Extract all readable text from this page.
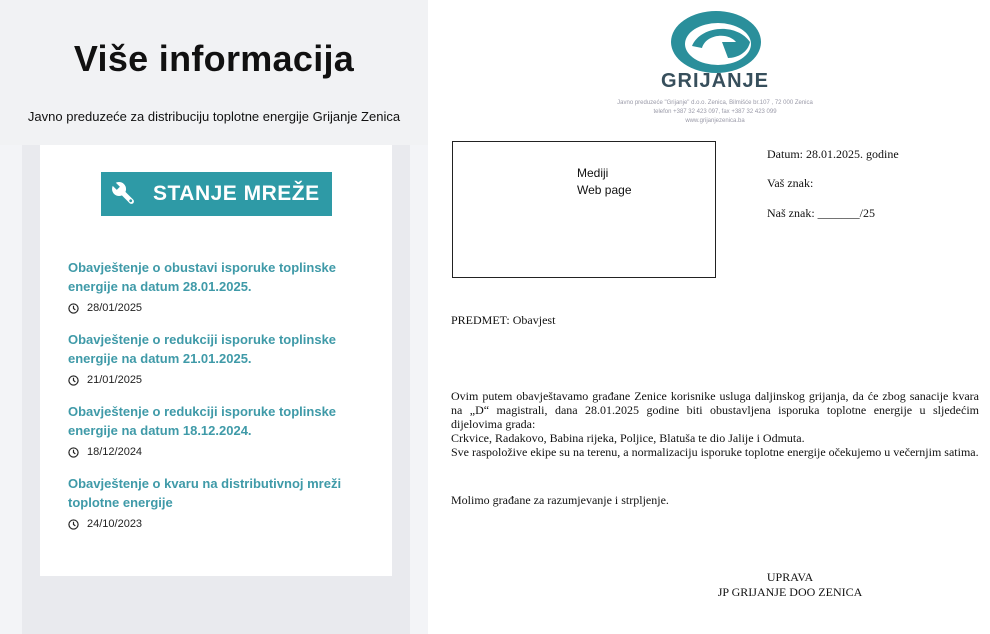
Više informacija
Javno preduzeće za distribuciju toplotne energije Grijanje Zenica
STANJE MREŽE
Obavještenje o obustavi isporuke toplinske energije na datum 28.01.2025.
28/01/2025
Obavještenje o redukciji isporuke toplinske energije na datum 21.01.2025.
21/01/2025
Obavještenje o redukciji isporuke toplinske energije na datum 18.12.2024.
18/12/2024
Obavještenje o kvaru na distributivnoj mreži toplotne energije
24/10/2023
GRIJANJE
Javno preduzeće "Grijanje" d.o.o. Zenica, Bilmišće br.107 , 72 000 Zenica
telefon +387 32 423 097, fax +387 32 423 099
www.grijanjezenica.ba
Mediji
Web page
Datum: 28.01.2025. godine
Vaš znak:
Naš znak: _______/25
PREDMET: Obavjest

Ovim putem obavještavamo građane Zenice korisnike usluga daljinskog grijanja, da će zbog sanacije kvara na „D“ magistrali, dana 28.01.2025 godine biti obustavljena isporuka toplotne energije u sljedećim dijelovima grada:

Crkvice, Radakovo, Babina rijeka, Poljice, Blatuša te dio Jalije i Odmuta.

Sve raspoložive ekipe su na terenu, a normalizaciju isporuke toplotne energije očekujemo u večernjim satima.

Molimo građane za razumjevanje i strpljenje.
UPRAVA
JP GRIJANJE DOO ZENICA
